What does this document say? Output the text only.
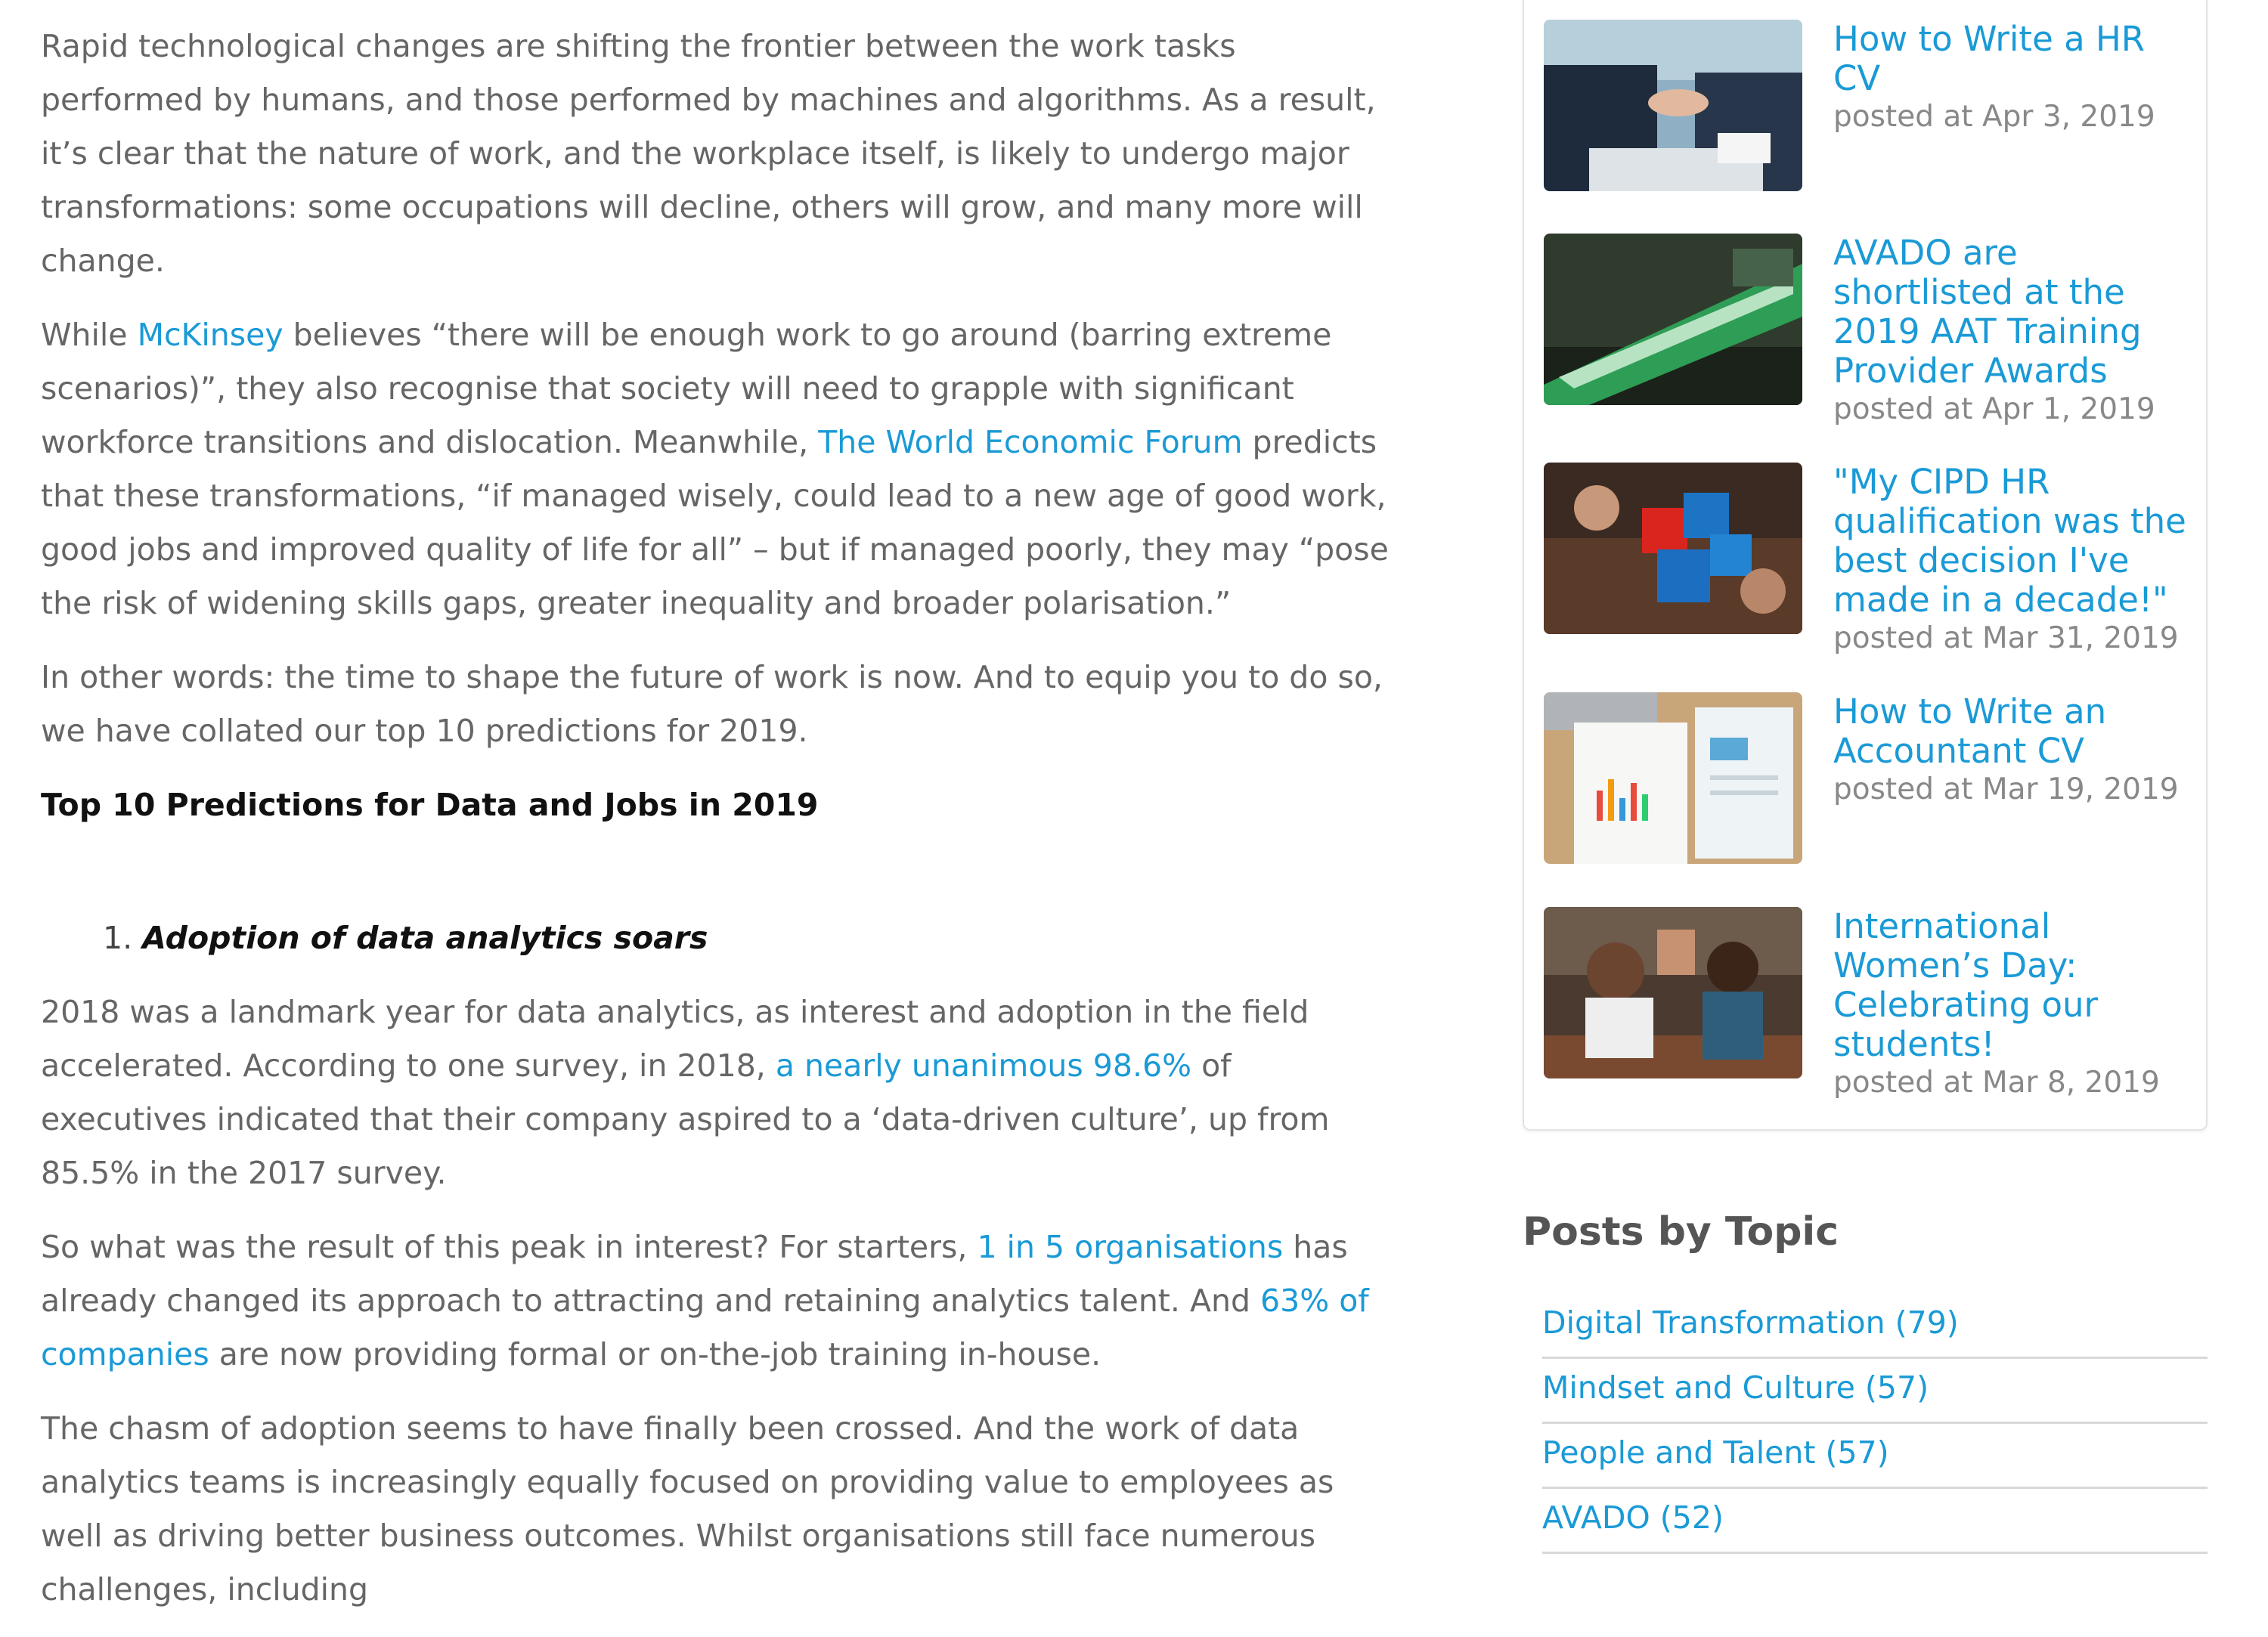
Rapid technological changes are shifting the frontier between the work tasks performed by humans, and those performed by machines and algorithms. As a result, it’s clear that the nature of work, and the workplace itself, is likely to undergo major transformations: some occupations will decline, others will grow, and many more will change.

While McKinsey believes “there will be enough work to go around (barring extreme scenarios)”, they also recognise that society will need to grapple with significant workforce transitions and dislocation. Meanwhile, The World Economic Forum predicts that these transformations, “if managed wisely, could lead to a new age of good work, good jobs and improved quality of life for all” – but if managed poorly, they may “pose the risk of widening skills gaps, greater inequality and broader polarisation.”

In other words: the time to shape the future of work is now. And to equip you to do so, we have collated our top 10 predictions for 2019.

Top 10 Predictions for Data and Jobs in 2019

1. Adoption of data analytics soars

2018 was a landmark year for data analytics, as interest and adoption in the field accelerated. According to one survey, in 2018, a nearly unanimous 98.6% of executives indicated that their company aspired to a ‘data-driven culture’, up from 85.5% in the 2017 survey.

So what was the result of this peak in interest? For starters, 1 in 5 organisations has already changed its approach to attracting and retaining analytics talent. And 63% of companies are now providing formal or on-the-job training in-house.

The chasm of adoption seems to have finally been crossed. And the work of data analytics teams is increasingly equally focused on providing value to employees as well as driving better business outcomes. Whilst organisations still face numerous challenges, including

How to Write a HR CV
posted at Apr 3, 2019
AVADO are shortlisted at the 2019 AAT Training Provider Awards
posted at Apr 1, 2019
"My CIPD HR qualification was the best decision I've made in a decade!"
posted at Mar 31, 2019
How to Write an Accountant CV
posted at Mar 19, 2019
International Women’s Day: Celebrating our students!
posted at Mar 8, 2019
Posts by Topic
Digital Transformation (79)
Mindset and Culture (57)
People and Talent (57)
AVADO (52)
